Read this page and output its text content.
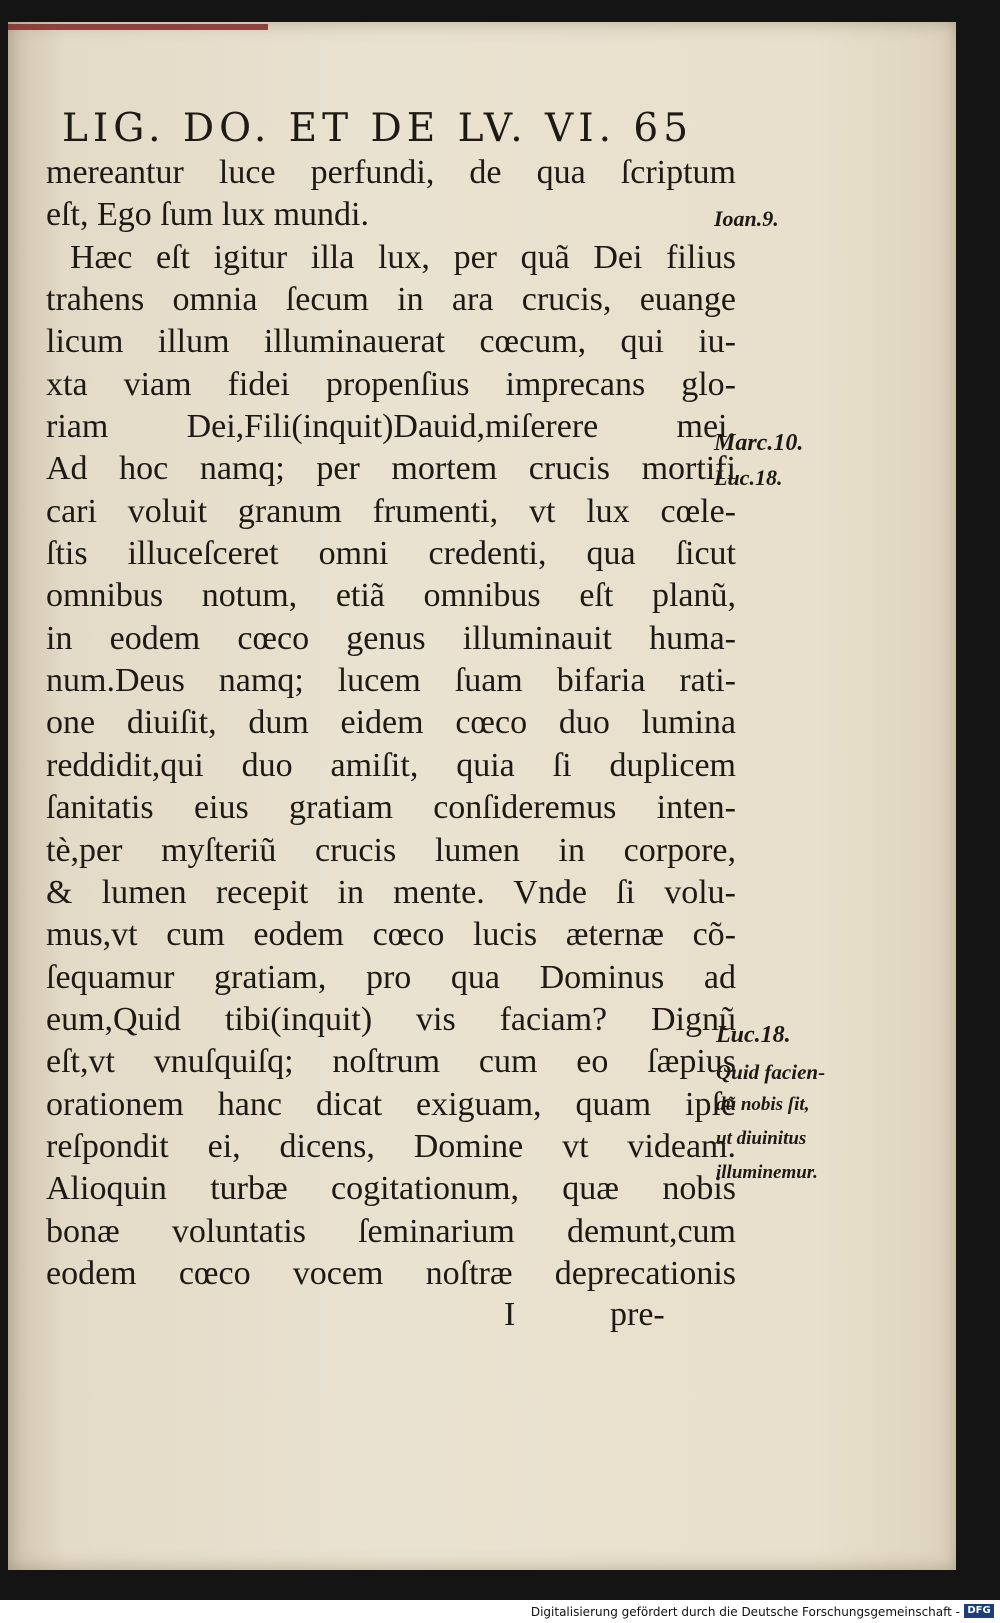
LIG. DO. ET DE LV. VI. 65
mereantur luce perfundi, de qua ſcriptum
eſt, Ego ſum lux mundi.
Hæc eſt igitur illa lux, per quã Dei filius
trahens omnia ſecum in ara crucis, euange
licum illum illuminauerat cœcum, qui iu-
xta viam fidei propenſius imprecans glo-
riam Dei,Fili(inquit)Dauid,miſerere mei.
Ad hoc namq; per mortem crucis mortifi
cari voluit granum frumenti, vt lux cœle-
ſtis illuceſceret omni credenti, qua ſicut
omnibus notum, etiã omnibus eſt planũ,
in eodem cœco genus illuminauit huma-
num.Deus namq; lucem ſuam bifaria rati-
one diuiſit, dum eidem cœco duo lumina
reddidit,qui duo amiſit, quia ſi duplicem
ſanitatis eius gratiam conſideremus inten-
tè,per myſteriũ crucis lumen in corpore,
& lumen recepit in mente. Vnde ſi volu-
mus,vt cum eodem cœco lucis æternæ cõ-
ſequamur gratiam, pro qua Dominus ad
eum,Quid tibi(inquit) vis faciam? Dignũ
eſt,vt vnuſquiſq; noſtrum cum eo ſæpius
orationem hanc dicat exiguam, quam ipſe
reſpondit ei, dicens, Domine vt videam.
Alioquin turbæ cogitationum, quæ nobis
bonæ voluntatis ſeminarium demunt,cum
eodem cœco vocem noſtræ deprecationis
Ioan.9.
Marc.10.
Luc.18.
Luc.18.
Quid facien-
dũ nobis ſit,
ut diuinitus
illuminemur.
I	pre-
Digitalisierung gefördert durch die Deutsche Forschungsgemeinschaft - DFG
